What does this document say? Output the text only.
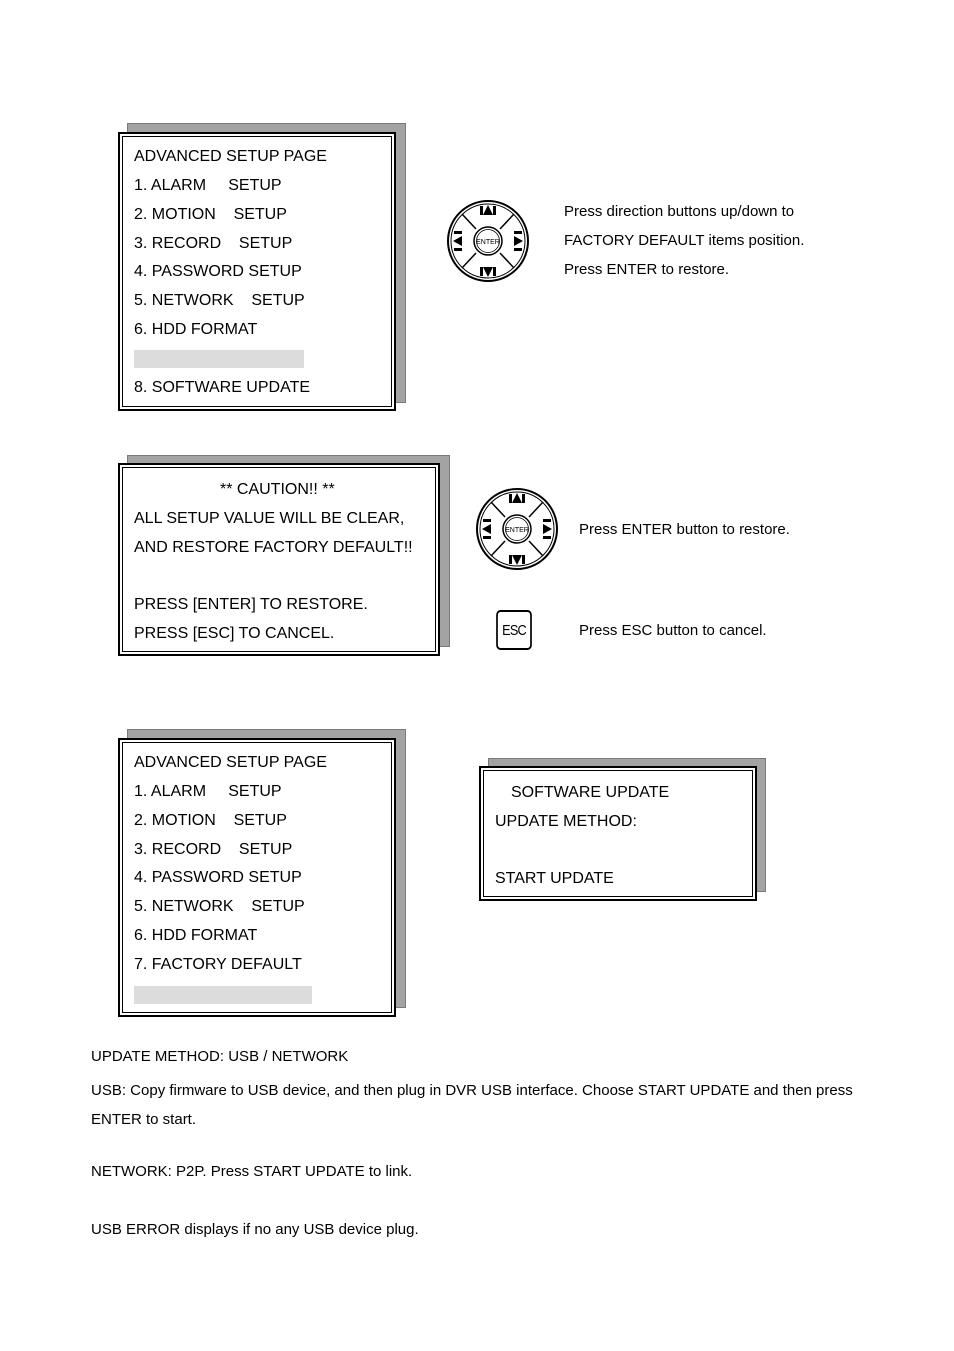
ADVANCED SETUP PAGE
1. ALARM     SETUP
2. MOTION    SETUP
3. RECORD    SETUP
4. PASSWORD SETUP
5. NETWORK    SETUP
6. HDD FORMAT
8. SOFTWARE UPDATE
ENTER
Press direction buttons up/down to
FACTORY DEFAULT items position.
Press ENTER to restore.
** CAUTION!! **
ALL SETUP VALUE WILL BE CLEAR,
AND RESTORE FACTORY DEFAULT!!
PRESS [ENTER] TO RESTORE.
PRESS [ESC] TO CANCEL.
ENTER	Press ENTER button to restore.
ESC	Press ESC button to cancel.
ADVANCED SETUP PAGE
1. ALARM     SETUP
2. MOTION    SETUP
3. RECORD    SETUP
4. PASSWORD SETUP
5. NETWORK    SETUP
6. HDD FORMAT
7. FACTORY DEFAULT
SOFTWARE UPDATE
UPDATE METHOD:
START UPDATE
UPDATE METHOD: USB / NETWORK
USB: Copy firmware to USB device, and then plug in DVR USB interface. Choose START UPDATE and then press ENTER to start.
NETWORK: P2P. Press START UPDATE to link.
USB ERROR displays if no any USB device plug.
